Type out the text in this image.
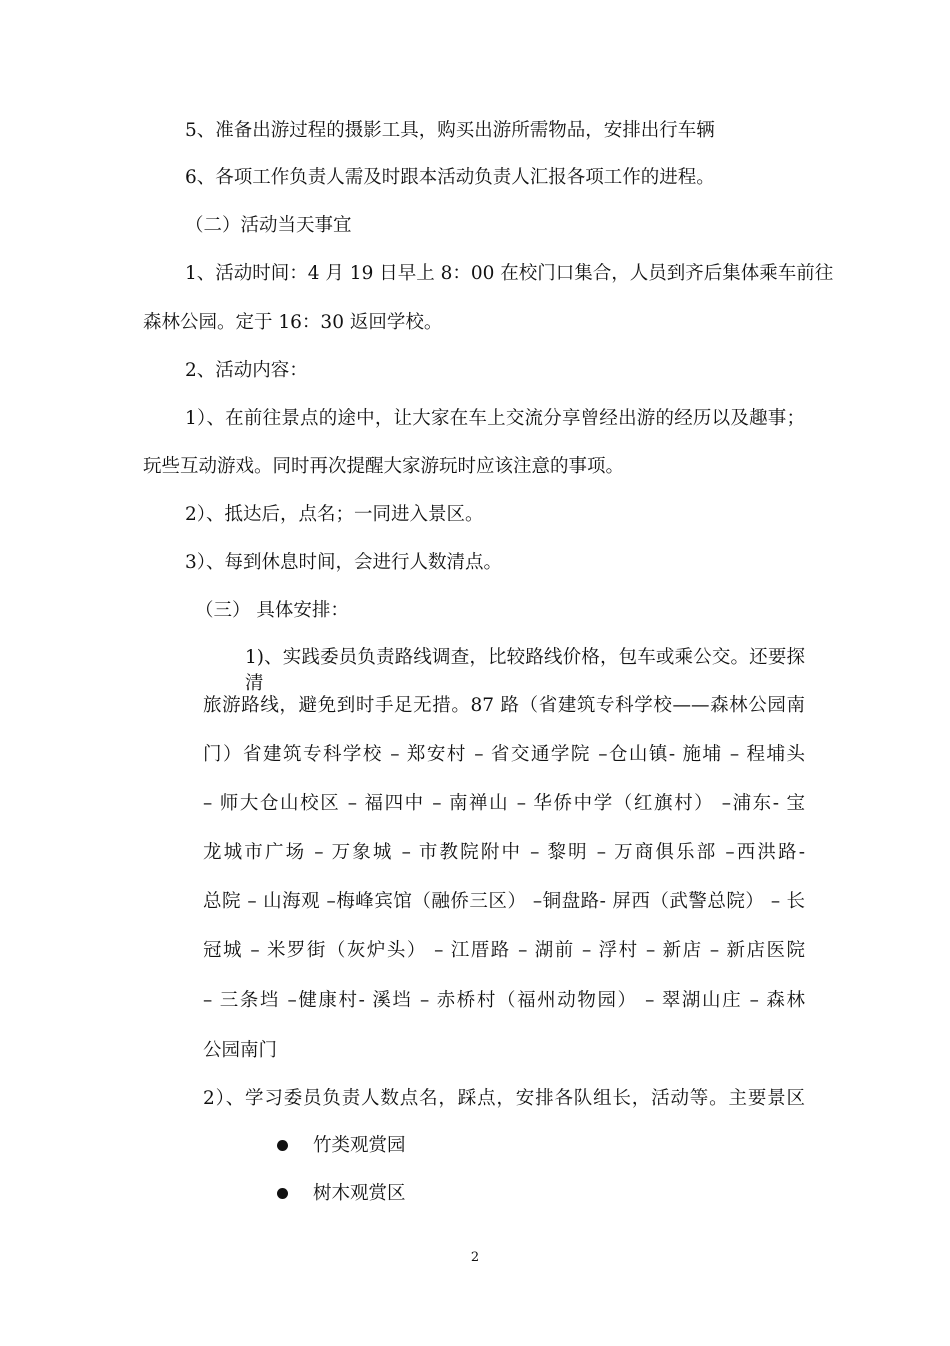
5、准备出游过程的摄影工具，购买出游所需物品，安排出行车辆

6、各项工作负责人需及时跟本活动负责人汇报各项工作的进程。

（二）活动当天事宜

1、活动时间：4 月 19 日早上 8：00 在校门口集合，人员到齐后集体乘车前往

森林公园。定于 16：30 返回学校。

2、活动内容：

1）、在前往景点的途中，让大家在车上交流分享曾经出游的经历以及趣事；

玩些互动游戏。同时再次提醒大家游玩时应该注意的事项。

2）、抵达后，点名；一同进入景区。

3）、每到休息时间，会进行人数清点。

（三） 具体安排：

1)、实践委员负责路线调查，比较路线价格，包车或乘公交。还要探清

旅游路线，避免到时手足无措。87 路（省建筑专科学校——森林公园南

门）省建筑专科学校 – 郑安村 – 省交通学院 –仓山镇- 施埔 – 程埔头

– 师大仓山校区 – 福四中 – 南禅山 – 华侨中学（红旗村） –浦东- 宝

龙城市广场 – 万象城 – 市教院附中 – 黎明 – 万商俱乐部 –西洪路-

总院 – 山海观 –梅峰宾馆（融侨三区） –铜盘路- 屏西（武警总院） – 长

冠城 – 米罗街（灰炉头） – 江厝路 – 湖前 – 浮村 – 新店 – 新店医院

– 三条垱 –健康村- 溪垱 – 赤桥村（福州动物园） – 翠湖山庄 – 森林

公园南门

2）、学习委员负责人数点名，踩点，安排各队组长，活动等。主要景区

竹类观赏园

树木观赏区

2
